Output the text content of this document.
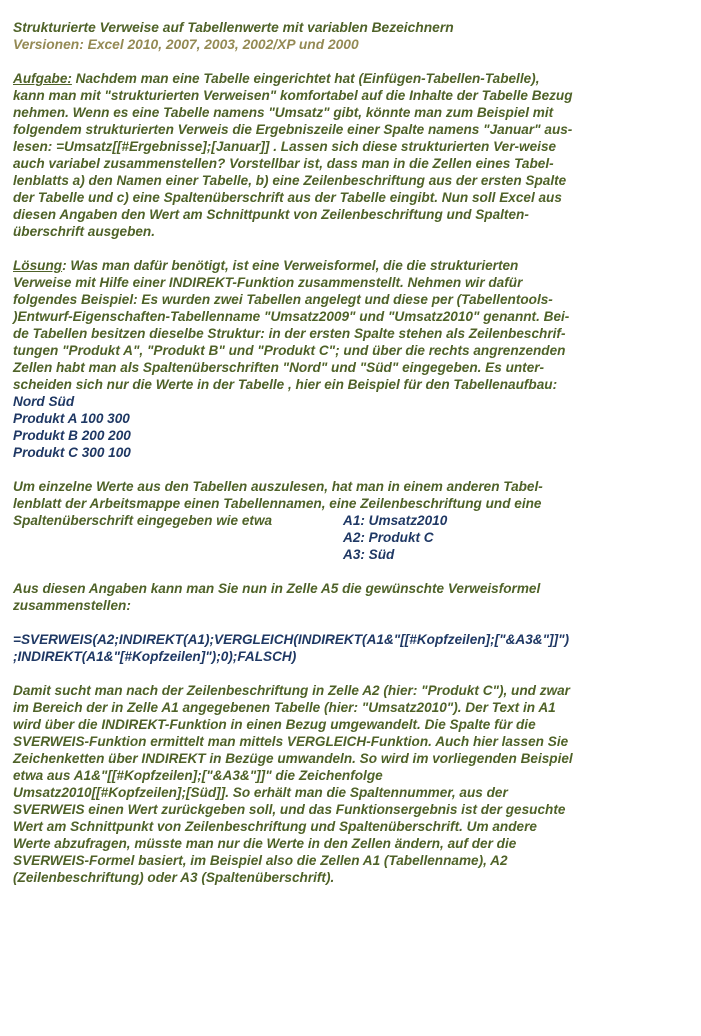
Strukturierte Verweise auf Tabellenwerte mit variablen Bezeichnern

Versionen: Excel 2010, 2007, 2003, 2002/XP und 2000

Aufgabe: Nachdem man eine Tabelle eingerichtet hat (Einfügen-Tabellen-Tabelle),

kann man mit "strukturierten Verweisen" komfortabel auf die Inhalte der Tabelle Bezug

nehmen. Wenn es eine Tabelle namens "Umsatz" gibt, könnte man zum Beispiel mit

folgendem strukturierten Verweis die Ergebniszeile einer Spalte namens "Januar" aus-

lesen: =Umsatz[[#Ergebnisse];[Januar]] . Lassen sich diese strukturierten Ver-weise

auch variabel zusammenstellen? Vorstellbar ist, dass man in die Zellen eines Tabel-

lenblatts a) den Namen einer Tabelle, b) eine Zeilenbeschriftung aus der ersten Spalte

der Tabelle und c) eine Spaltenüberschrift aus der Tabelle eingibt. Nun soll Excel aus

diesen Angaben den Wert am Schnittpunkt von Zeilenbeschriftung und Spalten-

überschrift ausgeben.

Lösung: Was man dafür benötigt, ist eine Verweisformel, die die strukturierten

Verweise mit Hilfe einer INDIREKT-Funktion zusammenstellt. Nehmen wir dafür

folgendes Beispiel: Es wurden zwei Tabellen angelegt und diese per (Tabellentools-

)Entwurf-Eigenschaften-Tabellenname "Umsatz2009" und "Umsatz2010" genannt. Bei-

de Tabellen besitzen dieselbe Struktur: in der ersten Spalte stehen als Zeilenbeschrif-

tungen "Produkt A", "Produkt B" und "Produkt C"; und über die rechts angrenzenden

Zellen habt man als Spaltenüberschriften "Nord" und "Süd" eingegeben. Es unter-

scheiden sich nur die Werte in der Tabelle , hier ein Beispiel für den Tabellenaufbau:

Nord Süd
Produkt A 100 300
Produkt B 200 200
Produkt C 300 100

Um einzelne Werte aus den Tabellen auszulesen, hat man in einem anderen Tabel-

lenblatt der Arbeitsmappe einen Tabellennamen, eine Zeilenbeschriftung und eine

Spaltenüberschrift eingegeben wie etwa	A1: Umsatz2010
A2: Produkt C
A3: Süd

Aus diesen Angaben kann man Sie nun in Zelle A5 die gewünschte Verweisformel

zusammenstellen:

=SVERWEIS(A2;INDIREKT(A1);VERGLEICH(INDIREKT(A1&"[[#Kopfzeilen];["&A3&"]]")

;INDIREKT(A1&"[#Kopfzeilen]");0);FALSCH)

Damit sucht man nach der Zeilenbeschriftung in Zelle A2 (hier: "Produkt C"), und zwar

im Bereich der in Zelle A1 angegebenen Tabelle (hier: "Umsatz2010"). Der Text in A1

wird über die INDIREKT-Funktion in einen Bezug umgewandelt. Die Spalte für die

SVERWEIS-Funktion ermittelt man mittels VERGLEICH-Funktion. Auch hier lassen Sie

Zeichenketten über INDIREKT in Bezüge umwandeln. So wird im vorliegenden Beispiel

etwa aus A1&"[[#Kopfzeilen];["&A3&"]]" die Zeichenfolge

Umsatz2010[[#Kopfzeilen];[Süd]]. So erhält man die Spaltennummer, aus der

SVERWEIS einen Wert zurückgeben soll, und das Funktionsergebnis ist der gesuchte

Wert am Schnittpunkt von Zeilenbeschriftung und Spaltenüberschrift. Um andere

Werte abzufragen, müsste man nur die Werte in den Zellen ändern, auf der die

SVERWEIS-Formel basiert, im Beispiel also die Zellen A1 (Tabellenname), A2

(Zeilenbeschriftung) oder A3 (Spaltenüberschrift).
